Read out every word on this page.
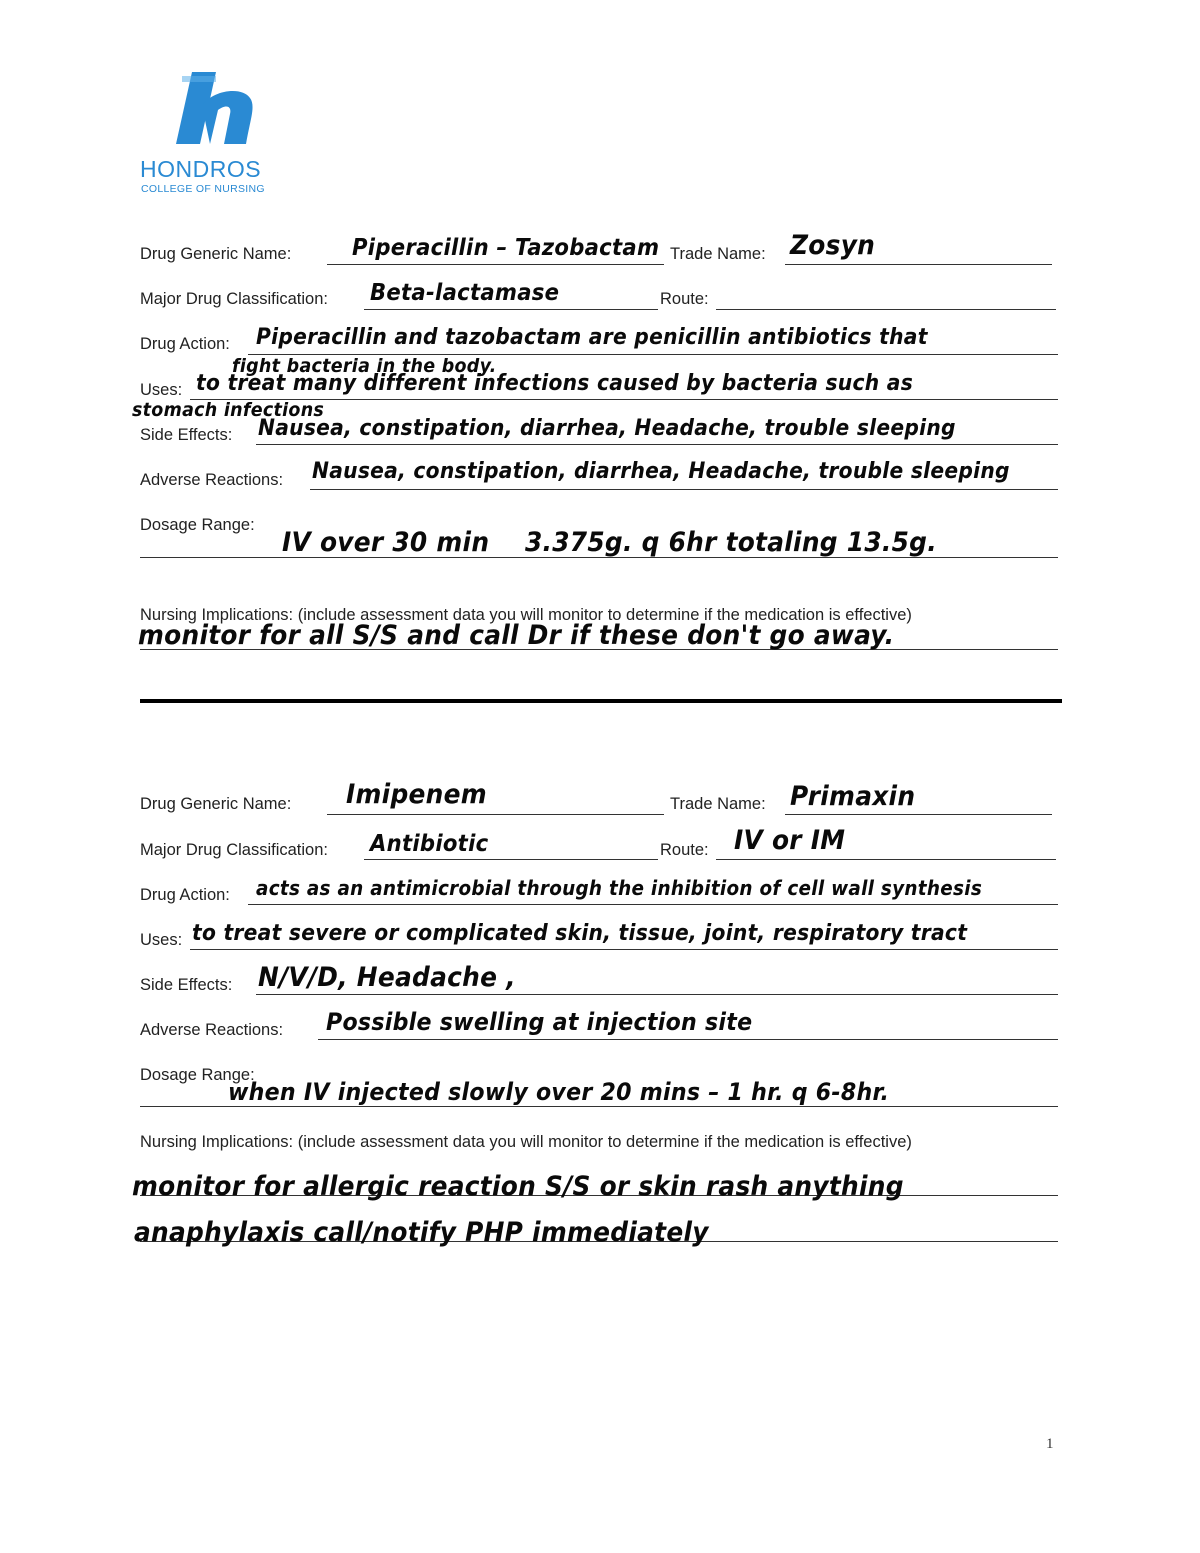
HONDROS
COLLEGE OF NURSING
Drug Generic Name:	Piperacillin – Tazobactam Trade Name: Zosyn
Major Drug Classification: Beta-lactamase	Route:
Drug Action: Piperacillin and tazobactam are penicillin antibiotics that
fight bacteria in the body.
Uses: to treat many different infections caused by bacteria such as
stomach infections
Side Effects: Nausea, constipation, diarrhea, Headache, trouble sleeping
Adverse Reactions: Nausea, constipation, diarrhea, Headache, trouble sleeping
Dosage Range:
IV over 30 min    3.375g. q 6hr totaling 13.5g.
Nursing Implications: (include assessment data you will monitor to determine if the medication is effective)
monitor for all S/S and call Dr if these don't go away.
Drug Generic Name: Imipenem	Trade Name: Primaxin
Major Drug Classification: Antibiotic	Route: IV or IM
Drug Action: acts as an antimicrobial through the inhibition of cell wall synthesis
Uses: to treat severe or complicated skin, tissue, joint, respiratory tract
Side Effects: N/V/D, Headache ,
Adverse Reactions: Possible swelling at injection site
Dosage Range:
when IV injected slowly over 20 mins – 1 hr. q 6-8hr.
Nursing Implications: (include assessment data you will monitor to determine if the medication is effective)
monitor for allergic reaction S/S or skin rash anything
anaphylaxis call/notify PHP immediately
1
